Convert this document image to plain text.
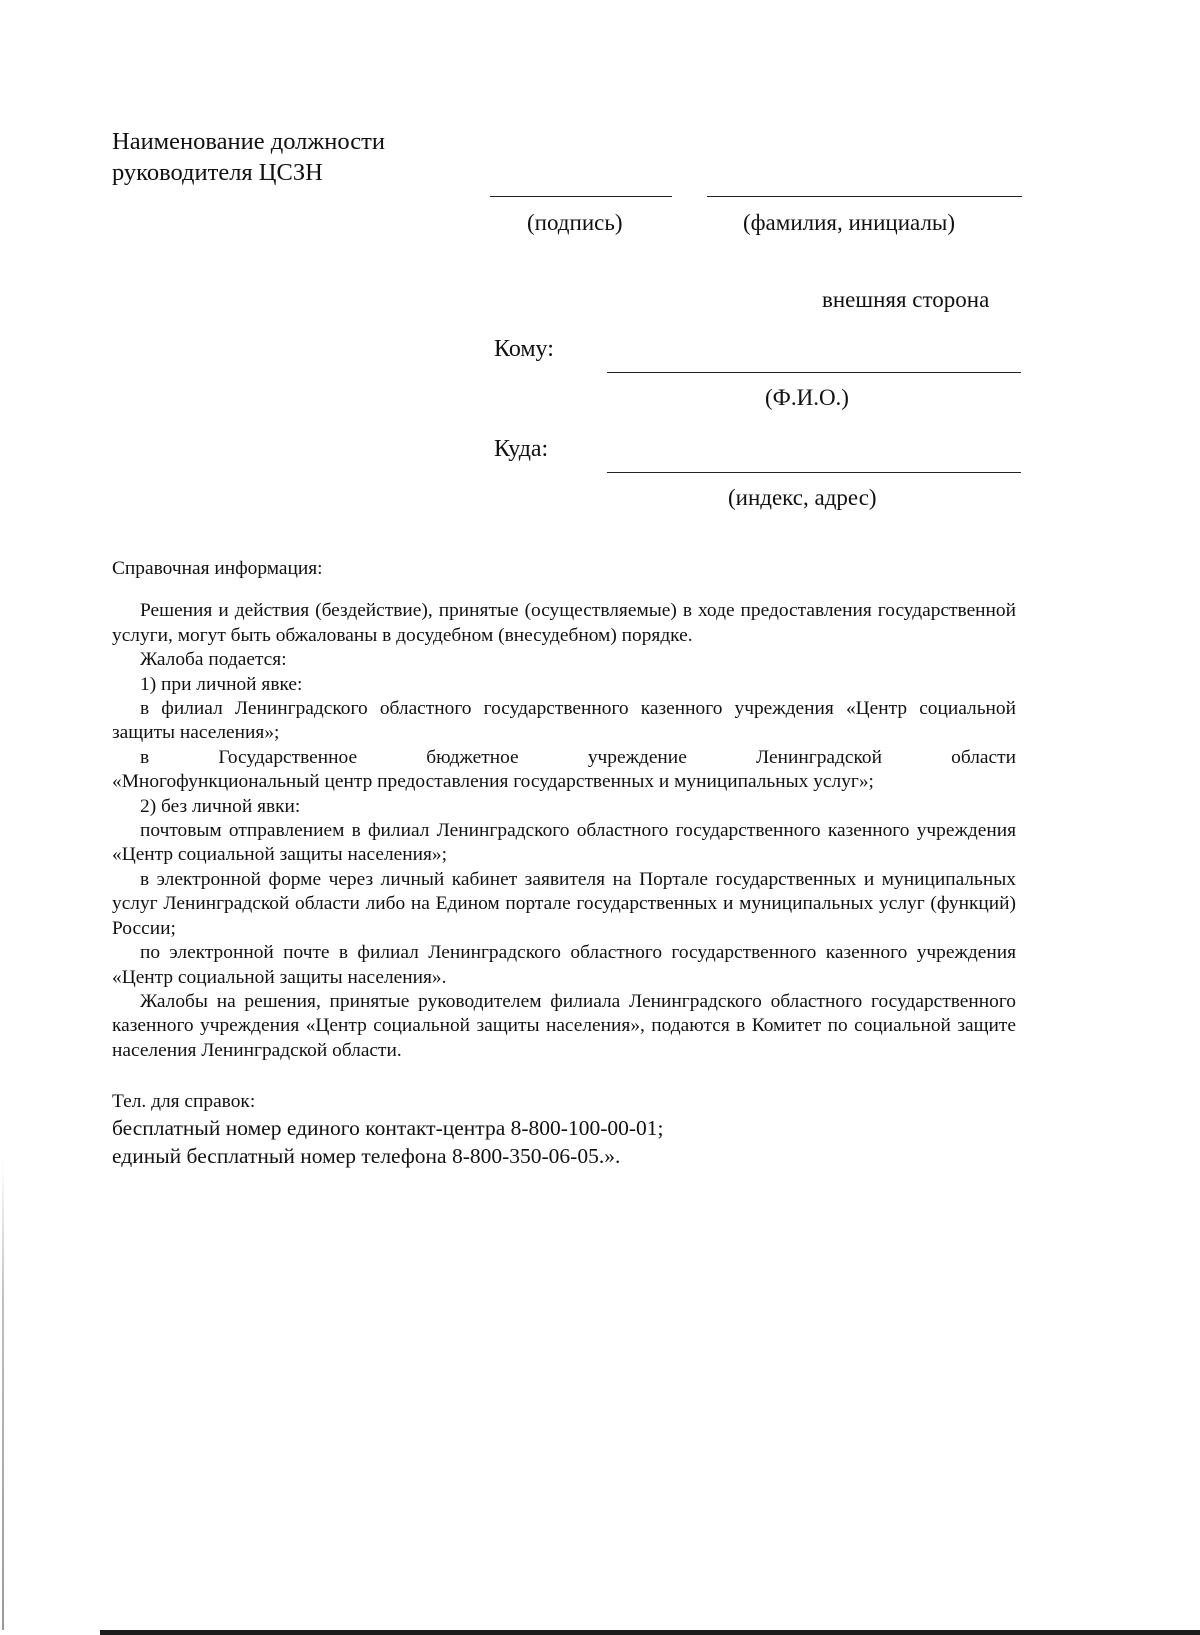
Наименование должности
руководителя ЦСЗН
(подпись)	(фамилия, инициалы)
внешняя сторона
Кому:
(Ф.И.О.)
Куда:
(индекс, адрес)

Справочная информация:

Решения и действия (бездействие), принятые (осуществляемые) в ходе предоставления государственной услуги, могут быть обжалованы в досудебном (внесудебном) порядке.

Жалоба подается:

1) при личной явке:

в филиал Ленинградского областного государственного казенного учреждения «Центр социальной защиты населения»;

в Государственное бюджетное учреждение Ленинградской области

«Многофункциональный центр предоставления государственных и муниципальных услуг»;

2) без личной явки:

почтовым отправлением в филиал Ленинградского областного государственного казенного учреждения «Центр социальной защиты населения»;

в электронной форме через личный кабинет заявителя на Портале государственных и муниципальных услуг Ленинградской области либо на Едином портале государственных и муниципальных услуг (функций) России;

по электронной почте в филиал Ленинградского областного государственного казенного учреждения «Центр социальной защиты населения».

Жалобы на решения, принятые руководителем филиала Ленинградского областного государственного казенного учреждения «Центр социальной защиты населения», подаются в Комитет по социальной защите населения Ленинградской области.

Тел. для справок:
бесплатный номер единого контакт-центра 8-800-100-00-01;
единый бесплатный номер телефона 8-800-350-06-05.».
